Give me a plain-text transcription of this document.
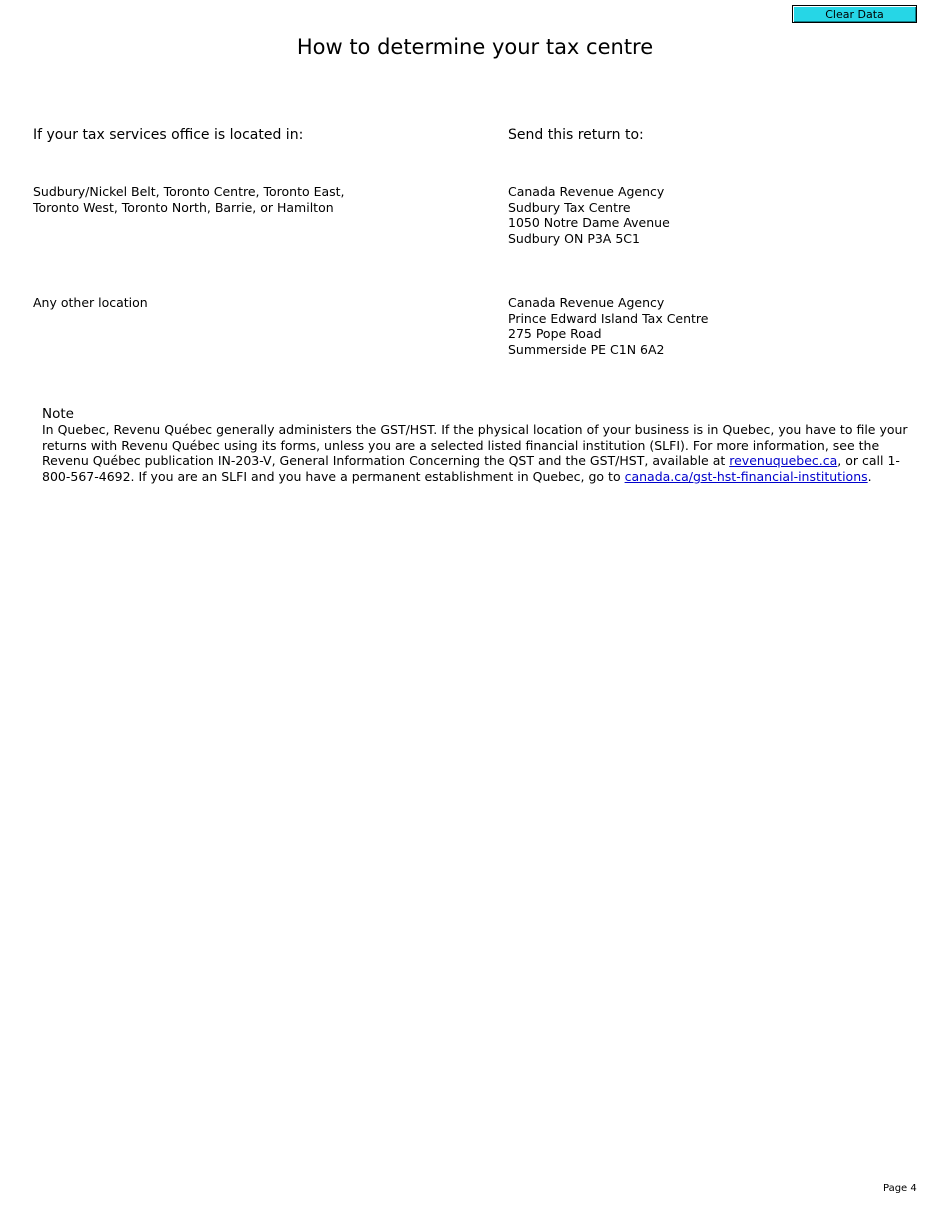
Clear Data
How to determine your tax centre
If your tax services office is located in:	Send this return to:
Sudbury/Nickel Belt, Toronto Centre, Toronto East,
Toronto West, Toronto North, Barrie, or Hamilton
Canada Revenue Agency
Sudbury Tax Centre
1050 Notre Dame Avenue
Sudbury ON P3A 5C1
Any other location	Canada Revenue Agency
Prince Edward Island Tax Centre
275 Pope Road
Summerside PE C1N 6A2
Note
In Quebec, Revenu Québec generally administers the GST/HST. If the physical location of your business is in Quebec, you have to file your returns with Revenu Québec using its forms, unless you are a selected listed financial institution (SLFI). For more information, see the Revenu Québec publication IN-203-V, General Information Concerning the QST and the GST/HST, available at revenuquebec.ca, or call 1-800-567-4692. If you are an SLFI and you have a permanent establishment in Quebec, go to canada.ca/gst-hst-financial-institutions.
Page 4
